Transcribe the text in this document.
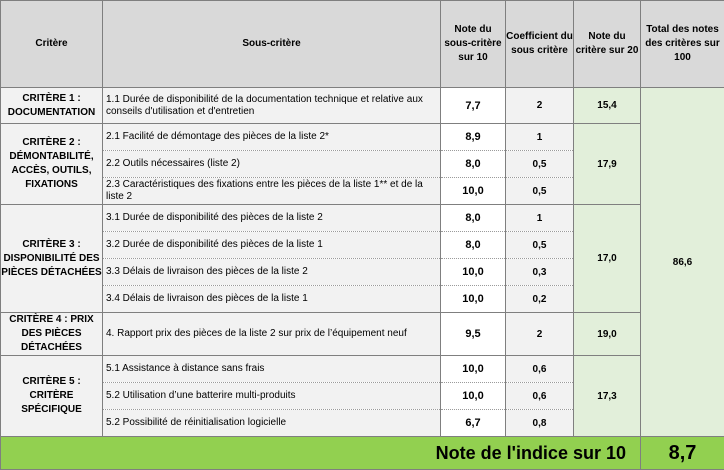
Critère	Sous-critère	Note du sous-critère sur 10	Coefficient du sous critère	Note du critère sur 20	Total des notes des critères sur 100
CRITÈRE 1 : DOCUMENTATION	1.1 Durée de disponibilité de la documentation technique et relative aux conseils d'utilisation et d'entretien	7,7	2	15,4	86,6
CRITÈRE 2 : DÉMONTABILITÉ, ACCÈS, OUTILS, FIXATIONS	2.1 Facilité de démontage des pièces de la liste 2*	8,9	1	17,9	
	2.2 Outils nécessaires (liste 2)	8,0	0,5		
	2.3 Caractéristiques des fixations entre les pièces de la liste 1** et de la liste 2	10,0	0,5		
CRITÈRE 3 : DISPONIBILITÉ DES PIÈCES DÉTACHÉES	3.1 Durée de disponibilité des pièces de la liste 2	8,0	1	17,0	
	3.2 Durée de disponibilité des pièces de la liste 1	8,0	0,5		
	3.3 Délais de livraison des pièces de la liste 2	10,0	0,3		
	3.4 Délais de livraison des pièces de la liste 1	10,0	0,2		
CRITÈRE 4 : PRIX DES PIÈCES DÉTACHÉES	4. Rapport prix des pièces de la liste 2 sur prix de l’équipement neuf	9,5	2	19,0	
CRITÈRE 5 : CRITÈRE SPÉCIFIQUE	5.1 Assistance à distance sans frais	10,0	0,6	17,3	
	5.2 Utilisation d’une batterire multi-produits	10,0	0,6		
	5.2 Possibilité de réinitialisation logicielle	6,7	0,8		
	Note de l'indice sur 10				8,7
